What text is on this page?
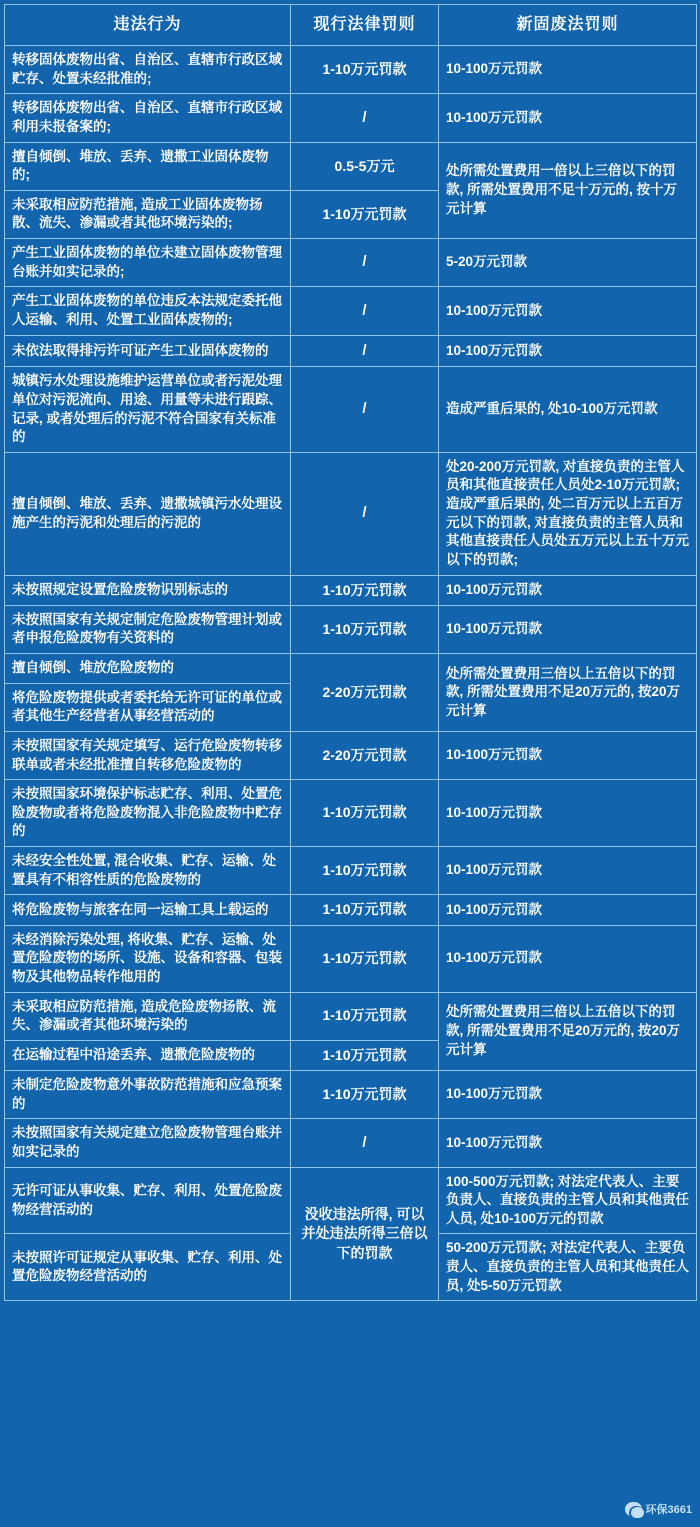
违法行为	现行法律罚则	新固废法罚则
转移固体废物出省、自治区、直辖市行政区域贮存、处置未经批准的;	1-10万元罚款	10-100万元罚款
转移固体废物出省、自治区、直辖市行政区域利用未报备案的;	/	10-100万元罚款
擅自倾倒、堆放、丢弃、遗撒工业固体废物的;	0.5-5万元	处所需处置费用一倍以上三倍以下的罚款, 所需处置费用不足十万元的, 按十万元计算
未采取相应防范措施, 造成工业固体废物扬散、流失、渗漏或者其他环境污染的;	1-10万元罚款	
产生工业固体废物的单位未建立固体废物管理台账并如实记录的;	/	5-20万元罚款
产生工业固体废物的单位违反本法规定委托他人运输、利用、处置工业固体废物的;	/	10-100万元罚款
未依法取得排污许可证产生工业固体废物的	/	10-100万元罚款
城镇污水处理设施维护运营单位或者污泥处理单位对污泥流向、用途、用量等未进行跟踪、记录, 或者处理后的污泥不符合国家有关标准的	/	造成严重后果的, 处10-100万元罚款
擅自倾倒、堆放、丢弃、遗撒城镇污水处理设施产生的污泥和处理后的污泥的	/	处20-200万元罚款, 对直接负责的主管人员和其他直接责任人员处2-10万元罚款; 造成严重后果的, 处二百万元以上五百万元以下的罚款, 对直接负责的主管人员和其他直接责任人员处五万元以上五十万元以下的罚款;
未按照规定设置危险废物识别标志的	1-10万元罚款	10-100万元罚款
未按照国家有关规定制定危险废物管理计划或者申报危险废物有关资料的	1-10万元罚款	10-100万元罚款
擅自倾倒、堆放危险废物的	2-20万元罚款	处所需处置费用三倍以上五倍以下的罚款, 所需处置费用不足20万元的, 按20万元计算
将危险废物提供或者委托给无许可证的单位或者其他生产经营者从事经营活动的		
未按照国家有关规定填写、运行危险废物转移联单或者未经批准擅自转移危险废物的	2-20万元罚款	10-100万元罚款
未按照国家环境保护标志贮存、利用、处置危险废物或者将危险废物混入非危险废物中贮存的	1-10万元罚款	10-100万元罚款
未经安全性处置, 混合收集、贮存、运输、处置具有不相容性质的危险废物的	1-10万元罚款	10-100万元罚款
将危险废物与旅客在同一运输工具上载运的	1-10万元罚款	10-100万元罚款
未经消除污染处理, 将收集、贮存、运输、处置危险废物的场所、设施、设备和容器、包装物及其他物品转作他用的	1-10万元罚款	10-100万元罚款
未采取相应防范措施, 造成危险废物扬散、流失、渗漏或者其他环境污染的	1-10万元罚款	处所需处置费用三倍以上五倍以下的罚款, 所需处置费用不足20万元的, 按20万元计算
在运输过程中沿途丢弃、遗撒危险废物的	1-10万元罚款	
未制定危险废物意外事故防范措施和应急预案的	1-10万元罚款	10-100万元罚款
未按照国家有关规定建立危险废物管理台账并如实记录的	/	10-100万元罚款
无许可证从事收集、贮存、利用、处置危险废物经营活动的	没收违法所得, 可以并处违法所得三倍以下的罚款	100-500万元罚款; 对法定代表人、主要负责人、直接负责的主管人员和其他责任人员, 处10-100万元的罚款
未按照许可证规定从事收集、贮存、利用、处置危险废物经营活动的		50-200万元罚款; 对法定代表人、主要负责人、直接负责的主管人员和其他责任人员, 处5-50万元罚款
环保3661
